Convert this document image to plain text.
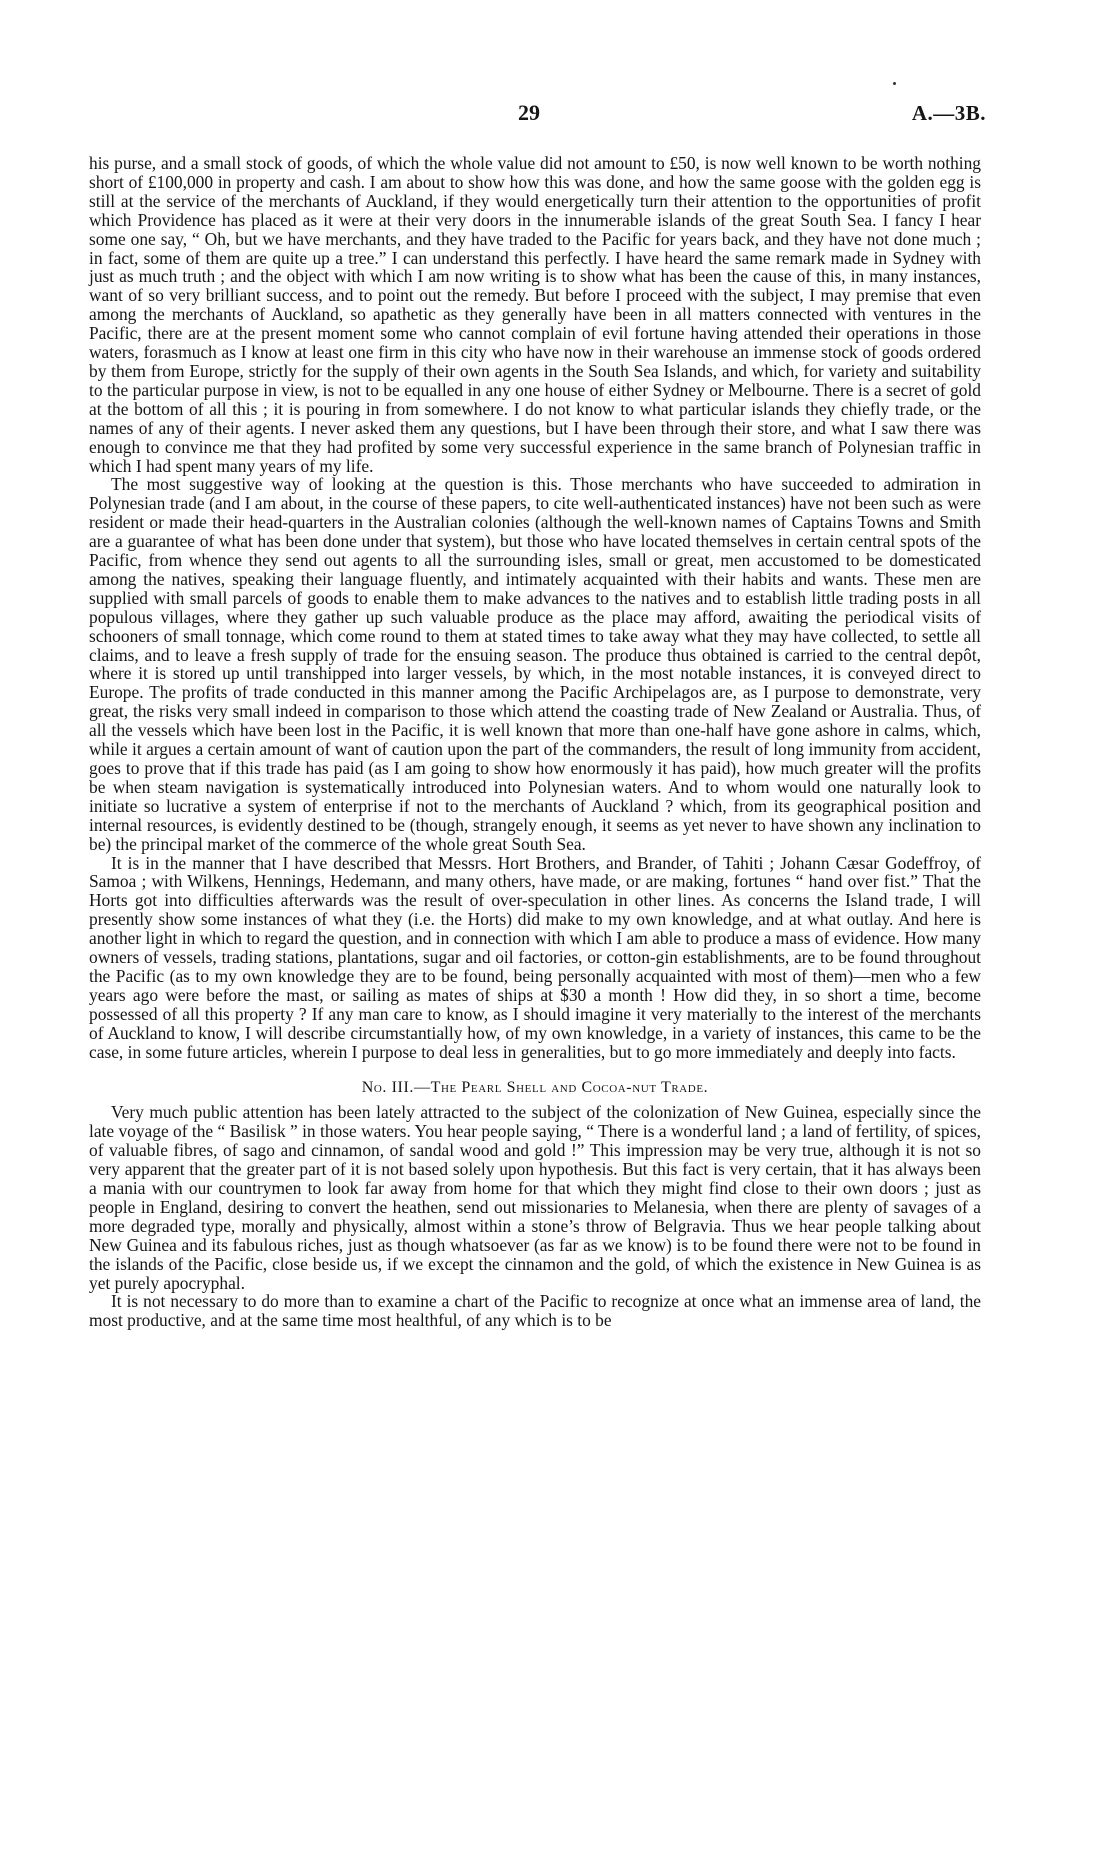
29	A.—3B.

his purse, and a small stock of goods, of which the whole value did not amount to £50, is now well known to be worth nothing short of £100,000 in property and cash. I am about to show how this was done, and how the same goose with the golden egg is still at the service of the merchants of Auckland, if they would energetically turn their attention to the opportunities of profit which Providence has placed as it were at their very doors in the innumerable islands of the great South Sea. I fancy I hear some one say, “ Oh, but we have merchants, and they have traded to the Pacific for years back, and they have not done much ; in fact, some of them are quite up a tree.” I can understand this perfectly. I have heard the same remark made in Sydney with just as much truth ; and the object with which I am now writing is to show what has been the cause of this, in many instances, want of so very brilliant success, and to point out the remedy. But before I proceed with the subject, I may premise that even among the merchants of Auckland, so apathetic as they generally have been in all matters connected with ventures in the Pacific, there are at the present moment some who cannot complain of evil fortune having attended their operations in those waters, forasmuch as I know at least one firm in this city who have now in their warehouse an immense stock of goods ordered by them from Europe, strictly for the supply of their own agents in the South Sea Islands, and which, for variety and suitability to the particular purpose in view, is not to be equalled in any one house of either Sydney or Melbourne. There is a secret of gold at the bottom of all this ; it is pouring in from somewhere. I do not know to what particular islands they chiefly trade, or the names of any of their agents. I never asked them any questions, but I have been through their store, and what I saw there was enough to convince me that they had profited by some very successful experience in the same branch of Polynesian traffic in which I had spent many years of my life.

The most suggestive way of looking at the question is this. Those merchants who have succeeded to admiration in Polynesian trade (and I am about, in the course of these papers, to cite well-authenticated instances) have not been such as were resident or made their head-quarters in the Australian colonies (although the well-known names of Captains Towns and Smith are a guarantee of what has been done under that system), but those who have located themselves in certain central spots of the Pacific, from whence they send out agents to all the surrounding isles, small or great, men accustomed to be domesticated among the natives, speaking their language fluently, and intimately acquainted with their habits and wants. These men are supplied with small parcels of goods to enable them to make advances to the natives and to establish little trading posts in all populous villages, where they gather up such valuable produce as the place may afford, awaiting the periodical visits of schooners of small tonnage, which come round to them at stated times to take away what they may have collected, to settle all claims, and to leave a fresh supply of trade for the ensuing season. The produce thus obtained is carried to the central depôt, where it is stored up until transhipped into larger vessels, by which, in the most notable instances, it is conveyed direct to Europe. The profits of trade conducted in this manner among the Pacific Archipelagos are, as I purpose to demonstrate, very great, the risks very small indeed in comparison to those which attend the coasting trade of New Zealand or Australia. Thus, of all the vessels which have been lost in the Pacific, it is well known that more than one-half have gone ashore in calms, which, while it argues a certain amount of want of caution upon the part of the commanders, the result of long immunity from accident, goes to prove that if this trade has paid (as I am going to show how enormously it has paid), how much greater will the profits be when steam navigation is systematically introduced into Polynesian waters. And to whom would one naturally look to initiate so lucrative a system of enterprise if not to the merchants of Auckland ? which, from its geographical position and internal resources, is evidently destined to be (though, strangely enough, it seems as yet never to have shown any inclination to be) the principal market of the commerce of the whole great South Sea.

It is in the manner that I have described that Messrs. Hort Brothers, and Brander, of Tahiti ; Johann Cæsar Godeffroy, of Samoa ; with Wilkens, Hennings, Hedemann, and many others, have made, or are making, fortunes “ hand over fist.” That the Horts got into difficulties afterwards was the result of over-speculation in other lines. As concerns the Island trade, I will presently show some instances of what they (i.e. the Horts) did make to my own knowledge, and at what outlay. And here is another light in which to regard the question, and in connection with which I am able to produce a mass of evidence. How many owners of vessels, trading stations, plantations, sugar and oil factories, or cotton-gin establishments, are to be found throughout the Pacific (as to my own knowledge they are to be found, being personally acquainted with most of them)—men who a few years ago were before the mast, or sailing as mates of ships at $30 a month ! How did they, in so short a time, become possessed of all this property ? If any man care to know, as I should imagine it very materially to the interest of the merchants of Auckland to know, I will describe circumstantially how, of my own knowledge, in a variety of instances, this came to be the case, in some future articles, wherein I purpose to deal less in generalities, but to go more immediately and deeply into facts.

No. III.—The Pearl Shell and Cocoa-nut Trade.

Very much public attention has been lately attracted to the subject of the colonization of New Guinea, especially since the late voyage of the “ Basilisk ” in those waters. You hear people saying, “ There is a wonderful land ; a land of fertility, of spices, of valuable fibres, of sago and cinnamon, of sandal wood and gold !” This impression may be very true, although it is not so very apparent that the greater part of it is not based solely upon hypothesis. But this fact is very certain, that it has always been a mania with our countrymen to look far away from home for that which they might find close to their own doors ; just as people in England, desiring to convert the heathen, send out missionaries to Melanesia, when there are plenty of savages of a more degraded type, morally and physically, almost within a stone’s throw of Belgravia. Thus we hear people talking about New Guinea and its fabulous riches, just as though whatsoever (as far as we know) is to be found there were not to be found in the islands of the Pacific, close beside us, if we except the cinnamon and the gold, of which the existence in New Guinea is as yet purely apocryphal.

It is not necessary to do more than to examine a chart of the Pacific to recognize at once what an immense area of land, the most productive, and at the same time most healthful, of any which is to be
